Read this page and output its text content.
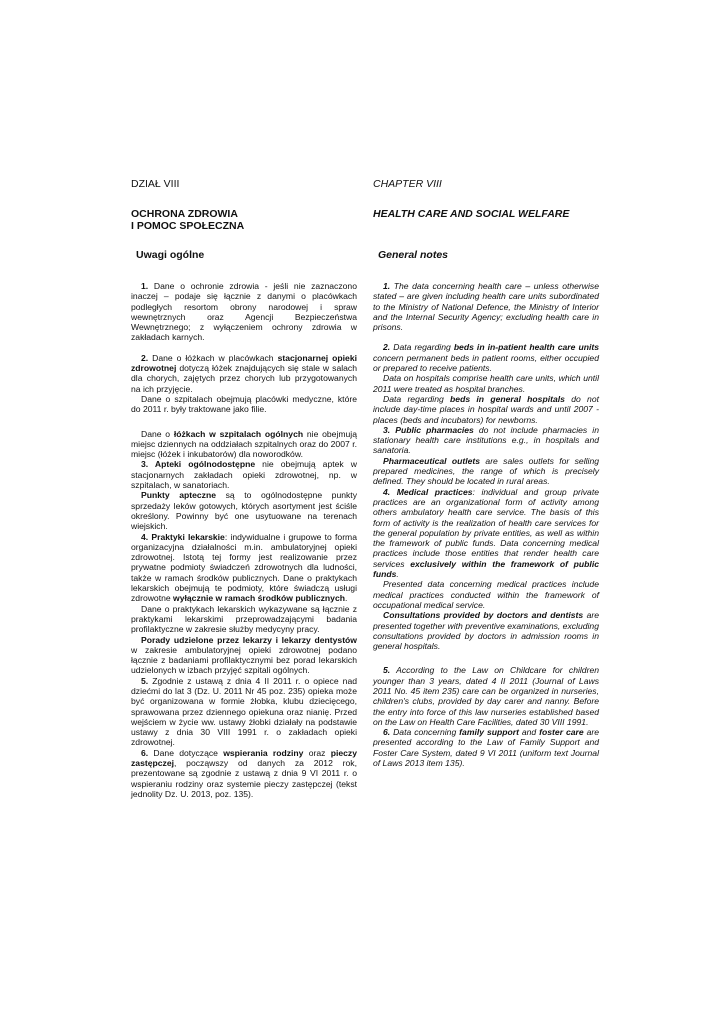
DZIAŁ VIII
OCHRONA ZDROWIA
I POMOC SPOŁECZNA
Uwagi ogólne

1. Dane o ochronie zdrowia - jeśli nie zaznaczono inaczej – podaje się łącznie z danymi o placówkach podległych resortom obrony narodowej i spraw wewnętrznych oraz Agencji Bezpieczeństwa Wewnętrznego; z wyłączeniem ochrony zdrowia w zakładach karnych.

2. Dane o łóżkach w placówkach stacjonarnej opieki zdrowotnej dotyczą łóżek znajdujących się stale w salach dla chorych, zajętych przez chorych lub przygotowanych na ich przyjęcie.

Dane o szpitalach obejmują placówki medyczne, które do 2011 r. były traktowane jako filie.

Dane o łóżkach w szpitalach ogólnych nie obejmują miejsc dziennych na oddziałach szpitalnych oraz do 2007 r. miejsc (łóżek i inkubatorów) dla noworodków.

3. Apteki ogólnodostępne nie obejmują aptek w stacjonarnych zakładach opieki zdrowotnej, np. w szpitalach, w sanatoriach.

Punkty apteczne są to ogólnodostępne punkty sprzedaży leków gotowych, których asortyment jest ściśle określony. Powinny być one usytuowane na terenach wiejskich.

4. Praktyki lekarskie: indywidualne i grupowe to forma organizacyjna działalności m.in. ambulatoryjnej opieki zdrowotnej. Istotą tej formy jest realizowanie przez prywatne podmioty świadczeń zdrowotnych dla ludności, także w ramach środków publicznych. Dane o praktykach lekarskich obejmują te podmioty, które świadczą usługi zdrowotne wyłącznie w ramach środków publicznych.

Dane o praktykach lekarskich wykazywane są łącznie z praktykami lekarskimi przeprowadzającymi badania profilaktyczne w zakresie służby medycyny pracy.

Porady udzielone przez lekarzy i lekarzy dentystów w zakresie ambulatoryjnej opieki zdrowotnej podano łącznie z badaniami profilaktycznymi bez porad lekarskich udzielonych w izbach przyjęć szpitali ogólnych.

5. Zgodnie z ustawą z dnia 4 II 2011 r. o opiece nad dziećmi do lat 3 (Dz. U. 2011 Nr 45 poz. 235) opieka może być organizowana w formie żłobka, klubu dziecięcego, sprawowana przez dziennego opiekuna oraz nianię. Przed wejściem w życie ww. ustawy żłobki działały na podstawie ustawy z dnia 30 VIII 1991 r. o zakładach opieki zdrowotnej.

6. Dane dotyczące wspierania rodziny oraz pieczy zastępczej, począwszy od danych za 2012 rok, prezentowane są zgodnie z ustawą z dnia 9 VI 2011 r. o wspieraniu rodziny oraz systemie pieczy zastępczej (tekst jednolity Dz. U. 2013, poz. 135).

CHAPTER VIII
HEALTH CARE AND SOCIAL WELFARE

General notes

1. The data concerning health care – unless otherwise stated – are given including health care units subordinated to the Ministry of National Defence, the Ministry of Interior and the Internal Security Agency; excluding health care in prisons.

2. Data regarding beds in in-patient health care units concern permanent beds in patient rooms, either occupied or prepared to receive patients.

Data on hospitals comprise health care units, which until 2011 were treated as hospital branches.

Data regarding beds in general hospitals do not include day-time places in hospital wards and until 2007 - places (beds and incubators) for newborns.

3. Public pharmacies do not include pharmacies in stationary health care institutions e.g., in hospitals and sanatoria.

Pharmaceutical outlets are sales outlets for selling prepared medicines, the range of which is precisely defined. They should be located in rural areas.

4. Medical practices: individual and group private practices are an organizational form of activity among others ambulatory health care service. The basis of this form of activity is the realization of health care services for the general population by private entities, as well as within the framework of public funds. Data concerning medical practices include those entities that render health care services exclusively within the framework of public funds.

Presented data concerning medical practices include medical practices conducted within the framework of occupational medical service.

Consultations provided by doctors and dentists are presented together with preventive examinations, excluding consultations provided by doctors in admission rooms in general hospitals.

5. According to the Law on Childcare for children younger than 3 years, dated 4 II 2011 (Journal of Laws 2011 No. 45 item 235) care can be organized in nurseries, children's clubs, provided by day carer and nanny. Before the entry into force of this law nurseries established based on the Law on Health Care Facilities, dated 30 VIII 1991.

6. Data concerning family support and foster care are presented according to the Law of Family Support and Foster Care System, dated 9 VI 2011 (uniform text Journal of Laws 2013 item 135).
